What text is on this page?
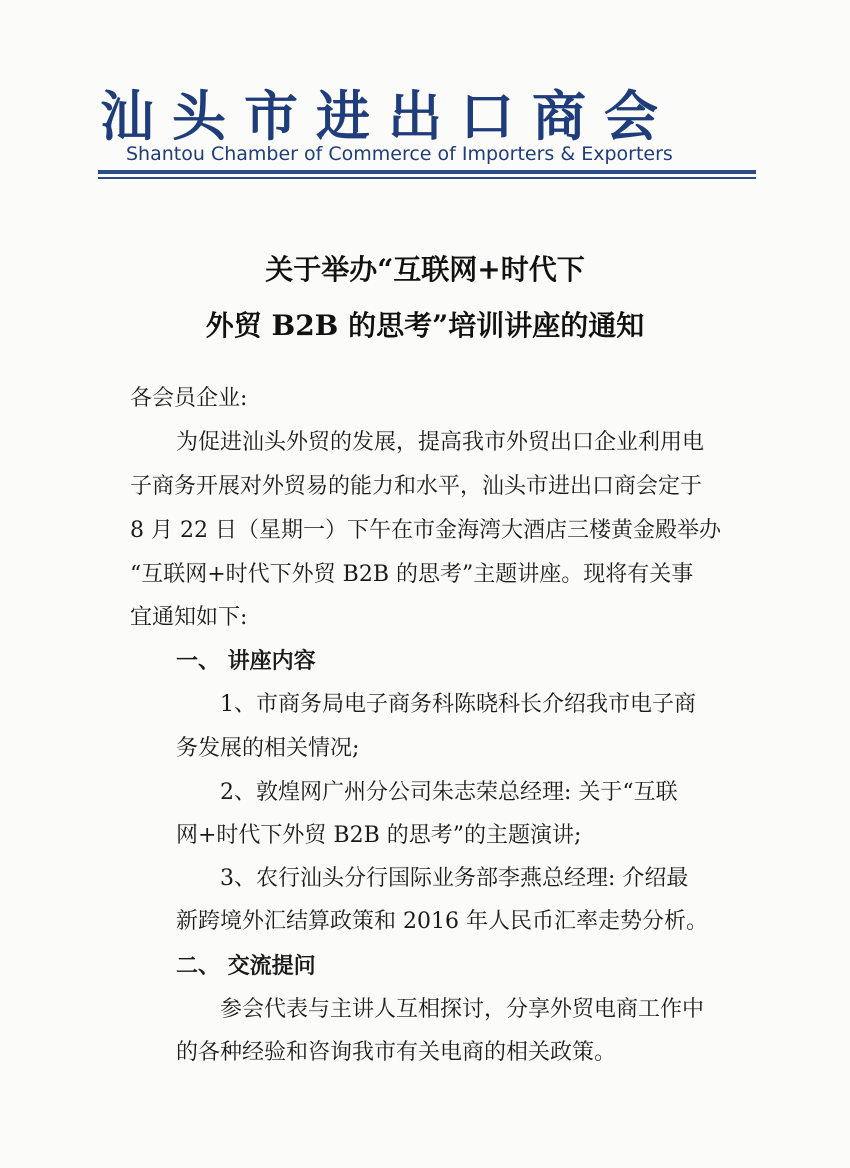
汕头市进出口商会
Shantou Chamber of Commerce of Importers & Exporters
关于举办“互联网+时代下
外贸 B2B 的思考”培训讲座的通知
各会员企业:
为促进汕头外贸的发展，提高我市外贸出口企业利用电
子商务开展对外贸易的能力和水平，汕头市进出口商会定于
8 月 22 日（星期一）下午在市金海湾大酒店三楼黄金殿举办
“互联网+时代下外贸 B2B 的思考”主题讲座。现将有关事
宜通知如下:
一、 讲座内容
1、市商务局电子商务科陈晓科长介绍我市电子商
务发展的相关情况;
2、敦煌网广州分公司朱志荣总经理: 关于“互联
网+时代下外贸 B2B 的思考”的主题演讲;
3、农行汕头分行国际业务部李燕总经理: 介绍最
新跨境外汇结算政策和 2016 年人民币汇率走势分析。
二、 交流提问
参会代表与主讲人互相探讨，分享外贸电商工作中
的各种经验和咨询我市有关电商的相关政策。
